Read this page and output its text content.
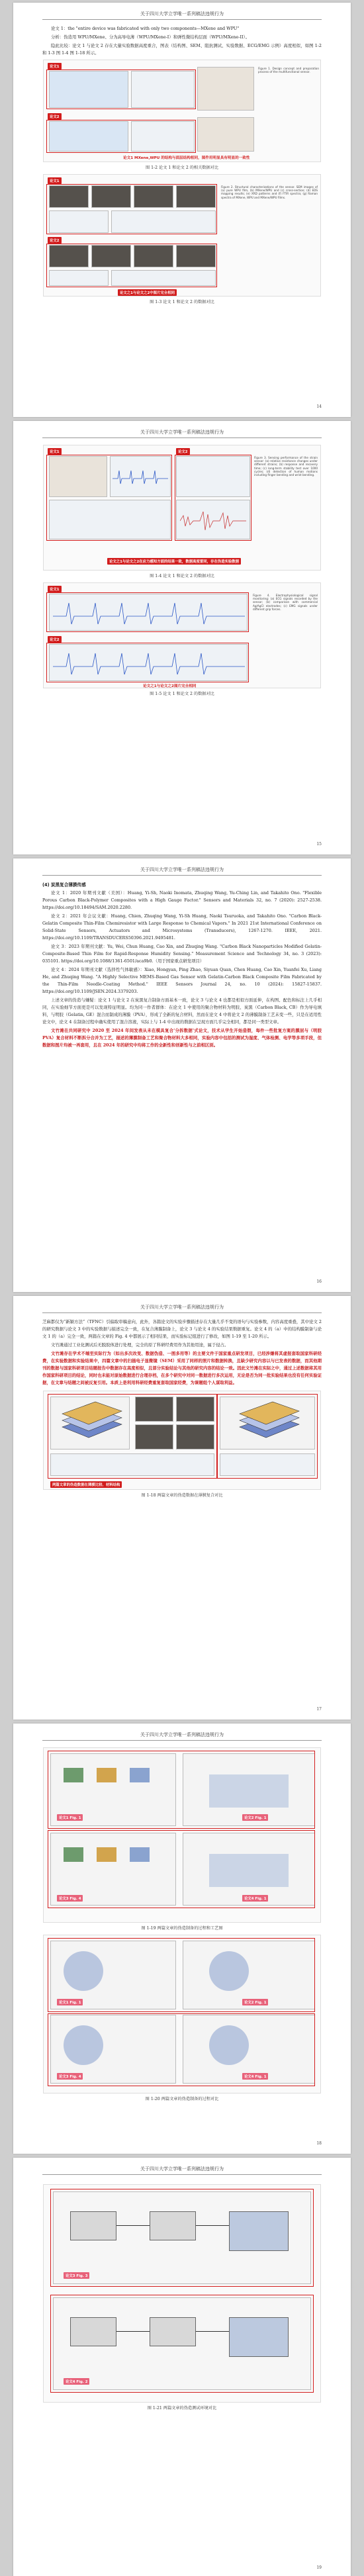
关于四川大学立学唯一系列稿法违规行为

论文 1：the "entire device was fabricated with only two components—MXene and WPU"

分析：伪造用 WPU/MXene、分为高导电薄（WPU/MXene-I）和弹性微结构层面（WPU/MXene-II）。

隐此比较：论文 1 与论文 2 存在大量实验数据高度重合，图表（结构图、SEM、阻抗测试、实验数据、ECG/EMG 示例）高度相似，如图 1-2 和 1-3 图 1-4 图 1-18 所示。

论文1
论文2
Figure 1. Design concept and preparation process of the multifunctional sensor.
论文1 MXene,WPU 的结构与面层结构相同，图件用明显具有明显的一致性
图 1-2 论文 1 和论文 2 的相关数据对比
论文1
论文2
Figure 2. Structural characterizations of the sensor. SEM images of (a) pure WPU film, (b) MXene/WPU and (c) cross-section; (d) EDS mapping results; (e) XRD patterns and (f) FTIR spectra; (g) Raman spectra of MXene, WPU and MXene/WPU films.
论文之1与论文之2中图片完全相同
图 1-3 论文 1 和论文 2 的数据对比
14
关于四川大学立学唯一系列稿法违规行为
论文1	论文2
Figure 3. Sensing performance of the strain sensor: (a) relative resistance changes under different strains; (b) response and recovery time; (c) long-term stability test over 1000 cycles; (d) detection of human motions including finger bending and wrist bending.
论文之1与论文之2在应力感知方面的结果一致，数据高度雷同，存在伪造实验数据
图 1-4 论文 1 和论文 2 的数据对比
论文1
论文2
Figure 4. Electrophysiological signal monitoring: (a) ECG signals recorded by the sensor; (b) comparison with commercial Ag/AgCl electrodes; (c) EMG signals under different grip forces.
论文之1与论文之2图片完全相同
图 1-5 论文 1 和论文 2 的数据对比
15
关于四川大学立学唯一系列稿法违规行为
(4) 炭黑复合薄膜传感

论文 1：2020 年期刊文献（美国）：Huang, Yi-Sh, Naoki Inomata, Zhuqing Wang, Yu-Ching Lin, and Takahito Ono. "Flexible Porous Carbon Black-Polymer Composites with a High Gauge Factor." Sensors and Materials 32, no. 7 (2020): 2527-2538. https://doi.org/10.18494/SAM.2020.2280.

论文 2：2021 年会议文献：Huang, Chien, Zhuqing Wang, Yi-Sh Huang, Naoki Tsuruoka, and Takahito Ono. "Carbon Black-Gelatin Composite Thin-Film Chemiresistor with Large Response to Chemical Vapors." In 2021 21st International Conference on Solid-State Sensors, Actuators and Microsystems (Transducers), 1267-1270. IEEE, 2021. https://doi.org/10.1109/TRANSDUCERS50396.2021.9495481.

论文 3：2023 年期刊文献：Yu, Wei, Chun Huang, Cao Xin, and Zhuqing Wang. "Carbon Black Nanoparticles Modified Gelatin-Composite-Based Thin Film for Rapid-Response Humidity Sensing." Measurement Science and Technology 34, no. 3 (2023): 035101. https://doi.org/10.1088/1361-6501/aca9b0.（用于国家重点研发项目）

论文 4：2024 年期刊文献（选择性气体敏感）：Xiao, Hongyan, Ping Zhao, Siyuan Quan, Chen Huang, Cao Xin, Yuanfei Xu, Liang He, and Zhuqing Wang. "A Highly Selective MEMS-Based Gas Sensor with Gelatin-Carbon Black Composite Film Fabricated by the Thin-Film Needle-Coating Method." IEEE Sensors Journal 24, no. 10 (2024): 15827-15837. https://doi.org/10.1109/JSEN.2024.3379203.

上述文章的伪造与嫌疑：论文 1 与论文 2 在炭黑复合制备方面基本一致，论文 3 与论文 4 也都是相似方面延伸，在构图、配色和标注上几乎相同，在实验细节方面更是可以发现特征明显。均为同一作者群体：在论文 1 中使用的聚合物材料为明胶、炭黑（Carbon Black, CB）作为导电填料，与明胶（Gelatin, GE）混合而制成的薄膜（PVA），形成了全新的复合材料，然而在论文 4 中将论文 2 的薄膜制备工艺未变一些，只是在适用性论文中，论文 4 在制备过程中确实使用了混合溶液，实际上与 1-4 中出现的数据在呈现方面几乎完全相同，都是同一类型文章。

文竹滩在共同研究中 2020 至 2024 年间发表从未在模具复合'分拆数据'式论文，技术从学生开始造假，每件一些批复方案的膜层与（明胶 PVA）复合材料不断拆分合并为工艺，描述的薄膜制备工艺和聚合物材料大多相同，实验内容中包括的测试为湿度、气体检测、电学等多项手段，但数据和图片均被一再套用，且在 2024 年的研究中均将工作的全新性和创新性与之前相区别。

16
关于四川大学立学唯一系列稿法违规行为

芝麻都仅为“新颖方法”（TFNC）引偏取审稿意向，此外，各篇论文的实验步骤描述存在大量几乎不变的语句与实验参数，内容高度重叠，其中论文 2 的研究数据与论文 3 中的实验数据与描述完全一致，在复合薄膜制备上，论文 3 与论文 4 的实验结果数据重复。论文 4 的（a）中的结构膜制备与论文 1 的（a）完全一致，两篇在文章的 Fig. 4 中都展示了相同结果，而实验标记组进行了修改，如图 1-19 至 1-20 所示。

文竹滩通过工业化测试后无脱胶体进行处理，完全的原了科研经费用作为其他用途，属于侵占。

文竹滩存在学术不端至实际行为（如出多次改变、数据伪造、一图多用等）的主要文件于国家重点研发项目，已经涉嫌将其虚报套取国家科研经费，在实验数据和实验结果中，四篇文章中的扫描电子显微镜（SEM）采用了同样的照片和数据转换，且缺少研究内容以与已发表的数据，而其他期刊的数据与国家科研项目结题报告中数据存在高度相似，且部分实验结论与其他的研究内容的结论一致。因此文竹滩在实际之中，通过上述数据将其用作国家科研项目的结论，同时也未能对原始数据进行合理存档，在多个研究中对同一数据进行多次运用，无论是否为同一批实验结果也没有任何实验证据，在文章与结题之间被反复引用。本质上是利用科研经费重复套取国家经费，为课题组个人谋取利益。

两篇文章的伪造数据在薄膜比较、材料结构
图 1-18 两篇文章的伪造数据在薄膜复合对比
17
关于四川大学立学唯一系列稿法违规行为
论文1 Fig. 1	论文2 Fig. 1
论文3 Fig. 4	论文4 Fig. 1
图 1-19 两篇文章的伪造制备的过程和工艺图
论文1 Fig. 1	论文2 Fig. 1
论文3 Fig. 4	论文4 Fig. 1
图 1-20 两篇文章的伪造制备的过程对比
18
关于四川大学立学唯一系列稿法违规行为
论文3 Fig. 3
论文4 Fig. 2
图 1-21 两篇文章的伪造测试环境对比
19
